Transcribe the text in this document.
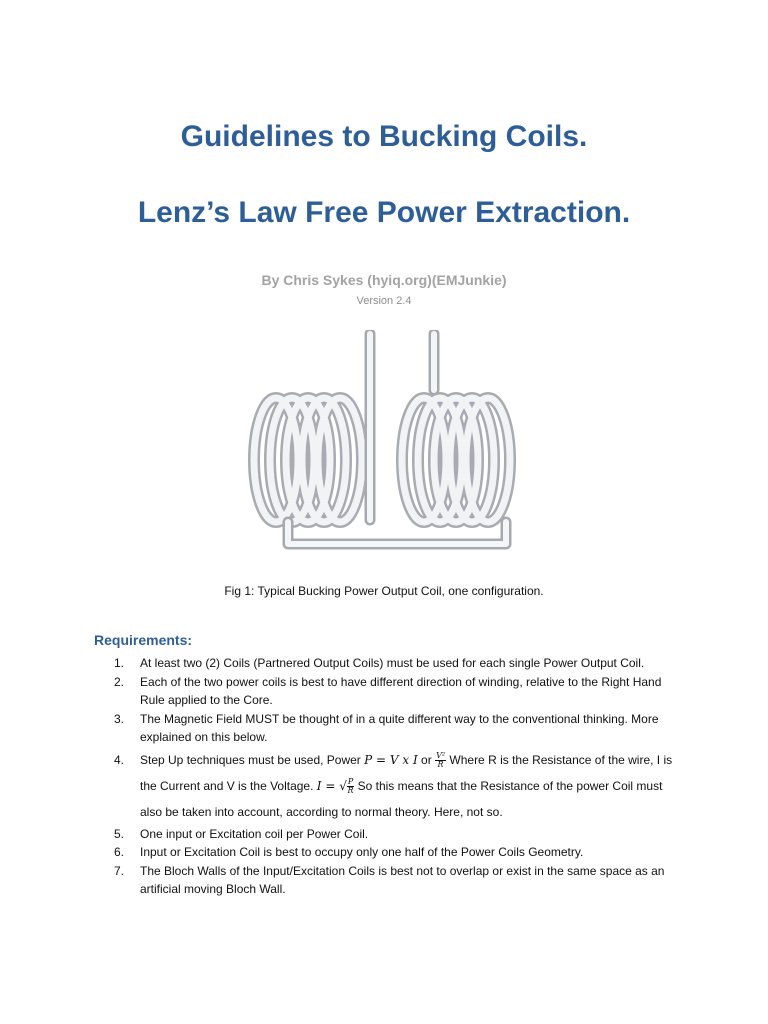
Guidelines to Bucking Coils.
Lenz’s Law Free Power Extraction.
By Chris Sykes (hyiq.org)(EMJunkie)
Version 2.4
Fig 1: Typical Bucking Power Output Coil, one configuration.
Requirements:
1. At least two (2) Coils (Partnered Output Coils) must be used for each single Power Output Coil.
2. Each of the two power coils is best to have different direction of winding, relative to the Right Hand Rule applied to the Core.
3. The Magnetic Field MUST be thought of in a quite different way to the conventional thinking. More explained on this below.
4. Step Up techniques must be used, Power P = V x I or $\frac{\text{V²}}{R}$ Where R is the Resistance of the wire, I is the Current and V is the Voltage. I = √ $\frac{P}{R}$ So this means that the Resistance of the power Coil must also be taken into account, according to normal theory. Here, not so.
5. One input or Excitation coil per Power Coil.
6. Input or Excitation Coil is best to occupy only one half of the Power Coils Geometry.
7. The Bloch Walls of the Input/Excitation Coils is best not to overlap or exist in the same space as an artificial moving Bloch Wall.
